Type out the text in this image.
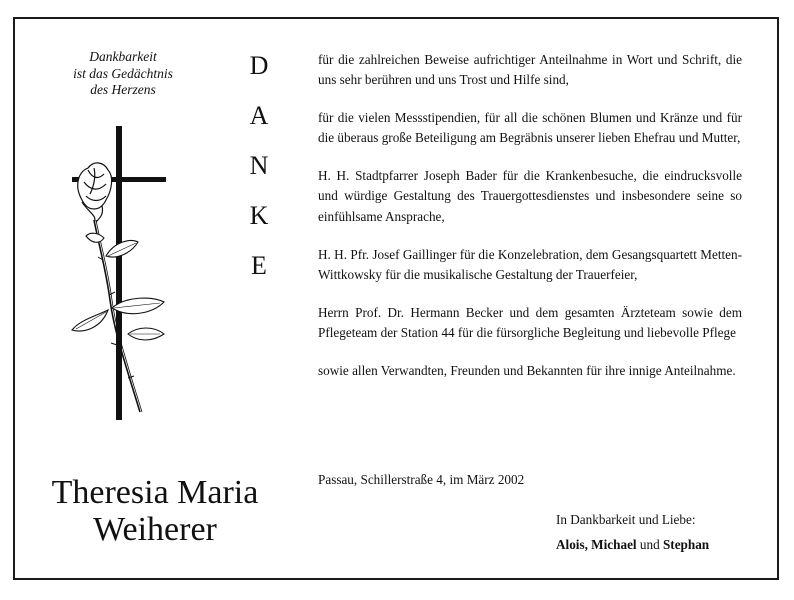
Dankbarkeit
ist das Gedächtnis
des Herzens
D
A
N
K
E
Theresia Maria
Weiherer

für die zahlreichen Beweise aufrichtiger Anteilnahme in Wort und Schrift, die uns sehr berühren und uns Trost und Hilfe sind,

für die vielen Messstipendien, für all die schönen Blumen und Kränze und für die überaus große Beteiligung am Begräbnis unserer lieben Ehefrau und Mutter,

H. H. Stadtpfarrer Joseph Bader für die Krankenbesuche, die eindrucksvolle und würdige Gestaltung des Trauergottesdienstes und insbesondere seine so einfühlsame Ansprache,

H. H. Pfr. Josef Gaillinger für die Konzelebration, dem Gesangsquartett Metten-Wittkowsky für die musikalische Gestaltung der Trauerfeier,

Herrn Prof. Dr. Hermann Becker und dem gesamten Ärzteteam sowie dem Pflegeteam der Station 44 für die fürsorgliche Begleitung und liebevolle Pflege

sowie allen Verwandten, Freunden und Bekannten für ihre innige Anteilnahme.

Passau, Schillerstraße 4, im März 2002
In Dankbarkeit und Liebe:
Alois, Michael und Stephan
